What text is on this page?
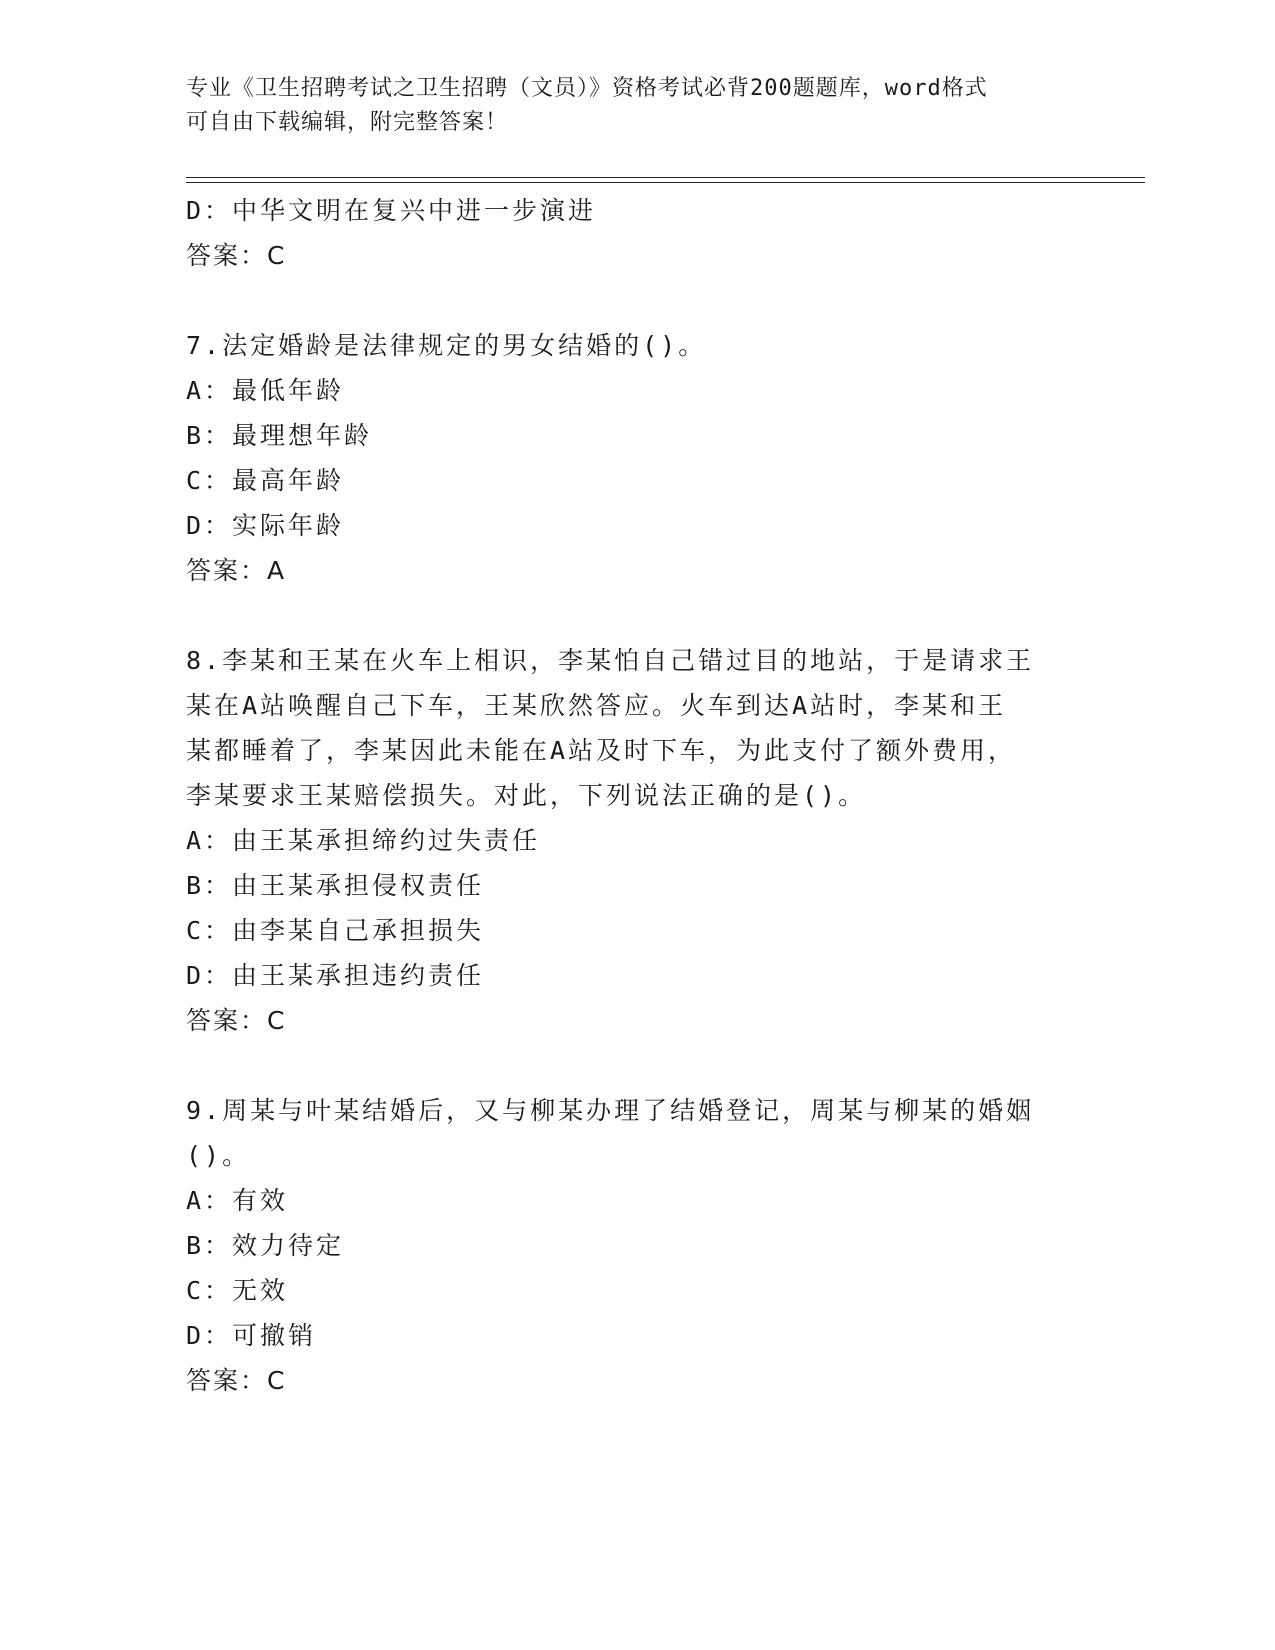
专业《卫生招聘考试之卫生招聘（文员）》资格考试必背200题题库，word格式
可自由下载编辑，附完整答案！
D：中华文明在复兴中进一步演进
答案：C
7.法定婚龄是法律规定的男女结婚的()。
A：最低年龄
B：最理想年龄
C：最高年龄
D：实际年龄
答案：A
8.李某和王某在火车上相识，李某怕自己错过目的地站，于是请求王
某在A站唤醒自己下车，王某欣然答应。火车到达A站时，李某和王
某都睡着了，李某因此未能在A站及时下车，为此支付了额外费用，
李某要求王某赔偿损失。对此，下列说法正确的是()。
A：由王某承担缔约过失责任
B：由王某承担侵权责任
C：由李某自己承担损失
D：由王某承担违约责任
答案：C
9.周某与叶某结婚后，又与柳某办理了结婚登记，周某与柳某的婚姻
()。
A：有效
B：效力待定
C：无效
D：可撤销
答案：C
